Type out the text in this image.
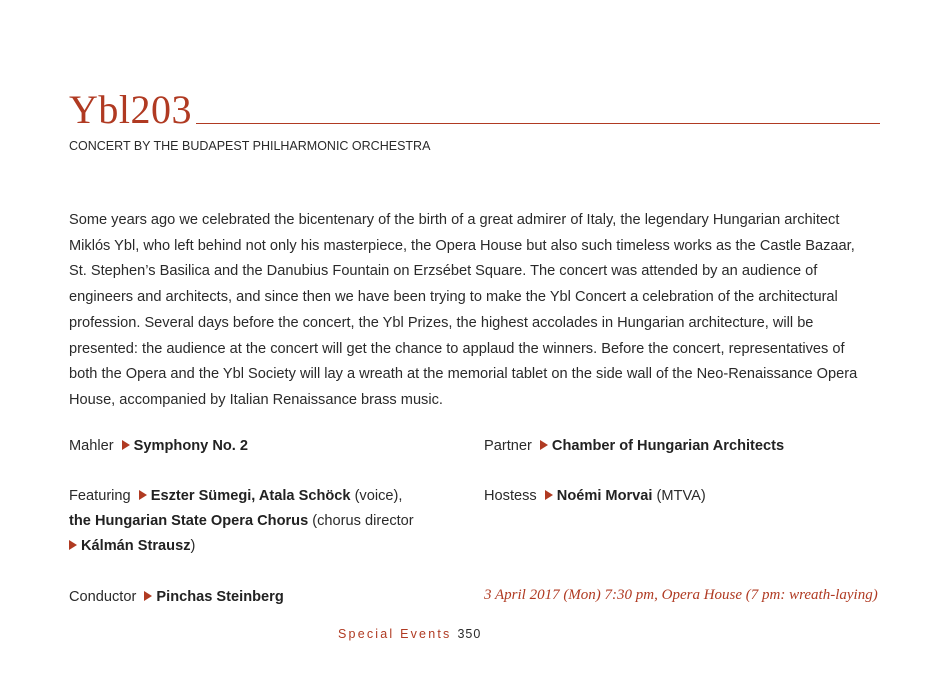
Ybl203
CONCERT BY THE BUDAPEST PHILHARMONIC ORCHESTRA
Some years ago we celebrated the bicentenary of the birth of a great admirer of Italy, the legendary Hungarian architect Miklós Ybl, who left behind not only his masterpiece, the Opera House but also such timeless works as the Castle Bazaar, St. Stephen’s Basilica and the Danubius Fountain on Erzsébet Square. The concert was attended by an audience of engineers and architects, and since then we have been trying to make the Ybl Concert a celebration of the architectural profession. Several days before the concert, the Ybl Prizes, the highest accolades in Hungarian architecture, will be presented: the audience at the concert will get the chance to applaud the winners. Before the concert, representatives of both the Opera and the Ybl Society will lay a wreath at the memorial tablet on the side wall of the Neo-Renaissance Opera House, accompanied by Italian Renaissance brass music.
Mahler Symphony No. 2
Featuring Eszter Sümegi, Atala Schöck (voice),
the Hungarian State Opera Chorus (chorus director
Kálmán Strausz)
Conductor Pinchas Steinberg
Partner Chamber of Hungarian Architects
Hostess Noémi Morvai (MTVA)
3 April 2017 (Mon) 7:30 pm, Opera House (7 pm: wreath-laying)
Special Events 350
